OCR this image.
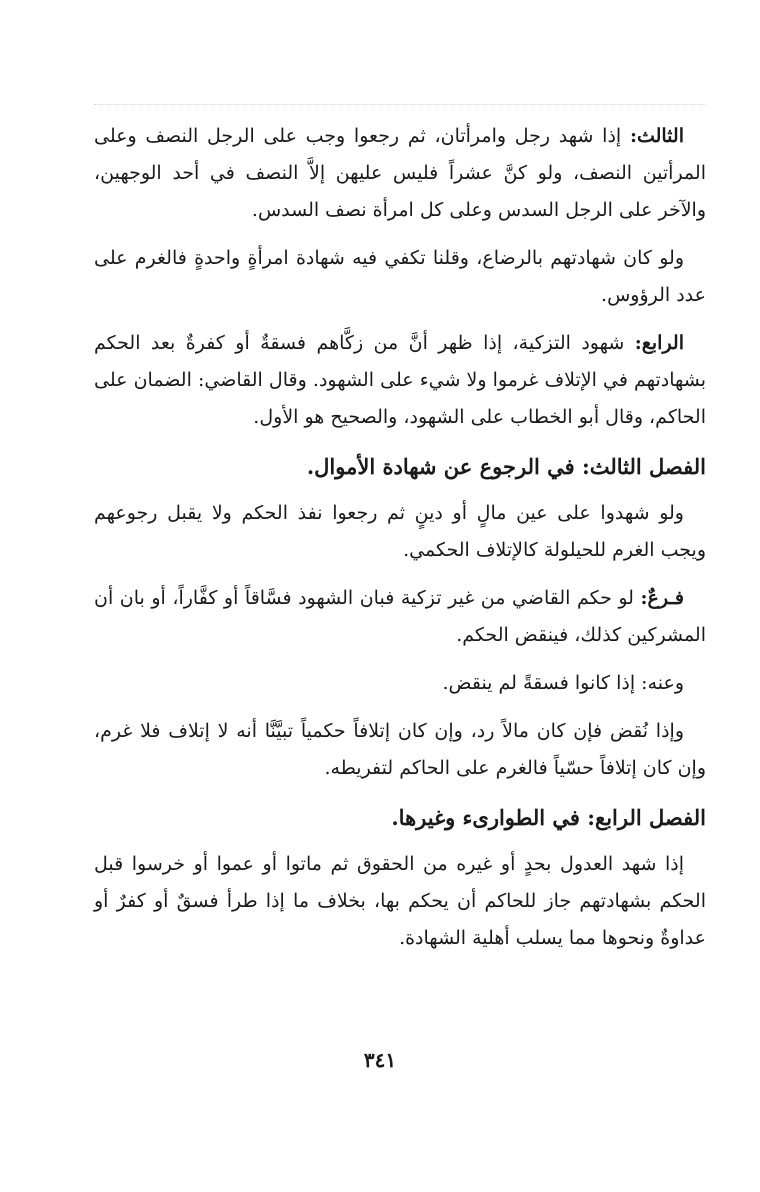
الثالث: إذا شهد رجل وامرأتان، ثم رجعوا وجب على الرجل النصف وعلى المرأتين النصف، ولو كنَّ عشراً فليس عليهن إلاَّ النصف في أحد الوجهين، والآخر على الرجل السدس وعلى كل امرأة نصف السدس.

ولو كان شهادتهم بالرضاع، وقلنا تكفي فيه شهادة امرأةٍ واحدةٍ فالغرم على عدد الرؤوس.

الرابع: شهود التزكية، إذا ظهر أنَّ من زكَّاهم فسقةٌ أو كفرةٌ بعد الحكم بشهادتهم في الإتلاف غرموا ولا شيء على الشهود. وقال القاضي: الضمان على الحاكم، وقال أبو الخطاب على الشهود، والصحيح هو الأول.

الفصل الثالث: في الرجوع عن شهادة الأموال.

ولو شهدوا على عين مالٍ أو دينٍ ثم رجعوا نفذ الحكم ولا يقبل رجوعهم ويجب الغرم للحيلولة كالإتلاف الحكمي.

فـرعٌ: لو حكم القاضي من غير تزكية فبان الشهود فسَّاقاً أو كفَّاراً، أو بان أن المشركين كذلك، فينقض الحكم.

وعنه: إذا كانوا فسقةً لم ينقض.

وإذا نُقض فإن كان مالاً رد، وإن كان إتلافاً حكمياً تبيَّنَّا أنه لا إتلاف فلا غرم، وإن كان إتلافاً حسّياً فالغرم على الحاكم لتفريطه.

الفصل الرابع: في الطوارىء وغيرها.

إذا شهد العدول بحدٍ أو غيره من الحقوق ثم ماتوا أو عموا أو خرسوا قبل الحكم بشهادتهم جاز للحاكم أن يحكم بها، بخلاف ما إذا طرأ فسقٌ أو كفرٌ أو عداوةٌ ونحوها مما يسلب أهلية الشهادة.

٣٤١
